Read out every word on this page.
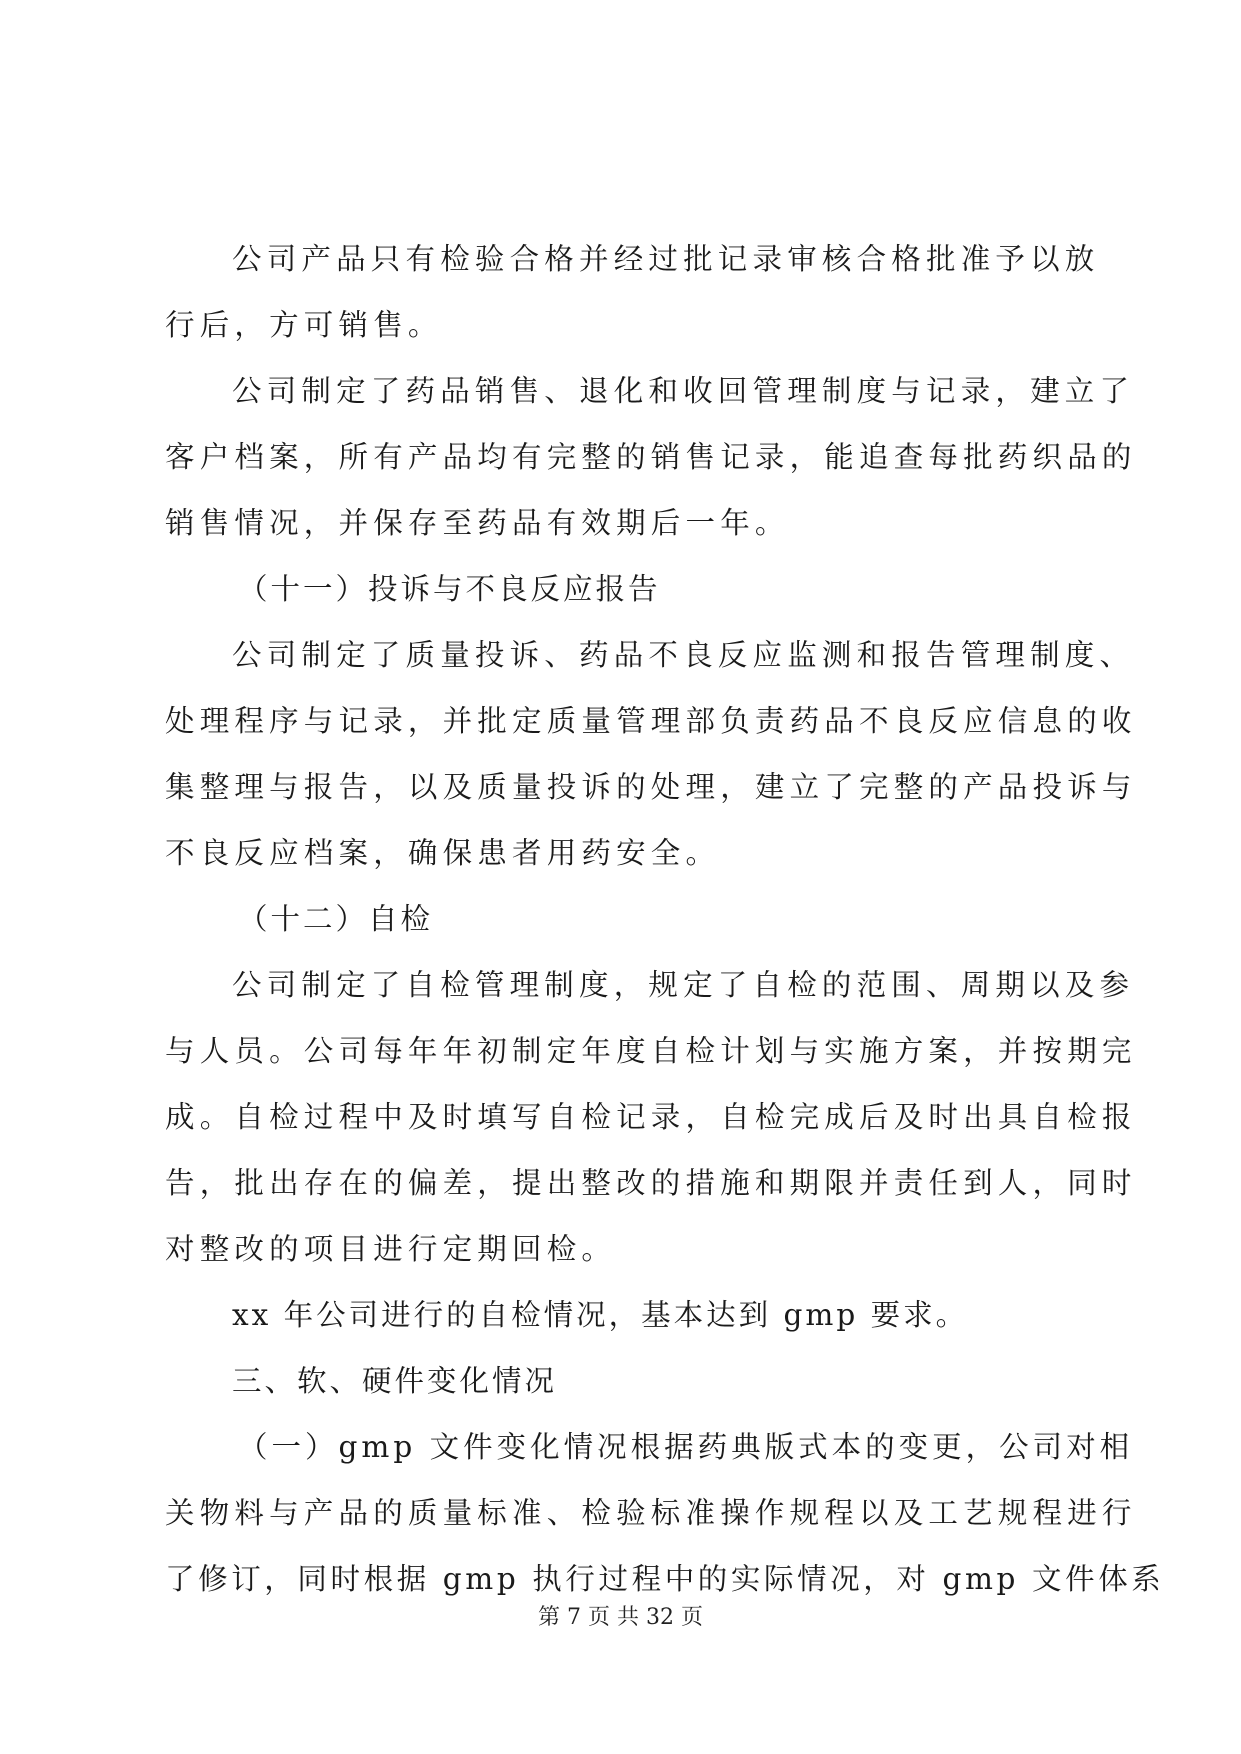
公司产品只有检验合格并经过批记录审核合格批准予以放
行后，方可销售。
公司制定了药品销售、退化和收回管理制度与记录，建立了
客户档案，所有产品均有完整的销售记录，能追查每批药织品的
销售情况，并保存至药品有效期后一年。
（十一）投诉与不良反应报告
公司制定了质量投诉、药品不良反应监测和报告管理制度、
处理程序与记录，并批定质量管理部负责药品不良反应信息的收
集整理与报告，以及质量投诉的处理，建立了完整的产品投诉与
不良反应档案，确保患者用药安全。
（十二）自检
公司制定了自检管理制度，规定了自检的范围、周期以及参
与人员。公司每年年初制定年度自检计划与实施方案，并按期完
成。自检过程中及时填写自检记录，自检完成后及时出具自检报
告，批出存在的偏差，提出整改的措施和期限并责任到人，同时
对整改的项目进行定期回检。
xx 年公司进行的自检情况，基本达到 gmp 要求。
三、软、硬件变化情况
（一）gmp 文件变化情况根据药典版式本的变更，公司对相
关物料与产品的质量标准、检验标准操作规程以及工艺规程进行
了修订，同时根据 gmp 执行过程中的实际情况，对 gmp 文件体系
第 7 页 共 32 页
